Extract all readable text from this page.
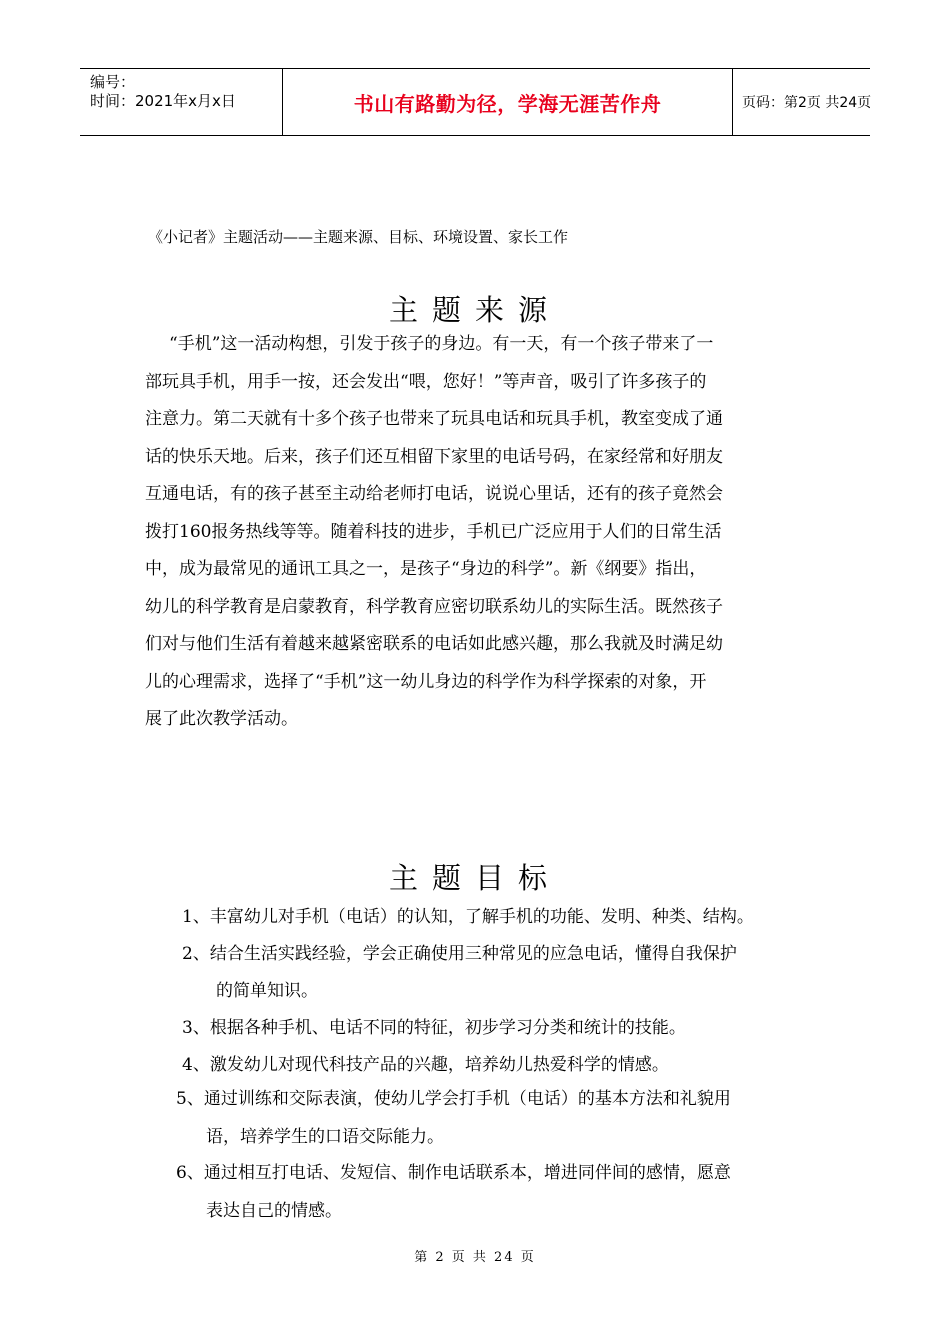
编号：
时间：2021年x月x日	书山有路勤为径，学海无涯苦作舟	页码：第2页 共24页
《小记者》主题活动——主题来源、目标、环境设置、家长工作
主题来源
“手机”这一活动构想，引发于孩子的身边。有一天，有一个孩子带来了一
部玩具手机，用手一按，还会发出“喂，您好！”等声音，吸引了许多孩子的
注意力。第二天就有十多个孩子也带来了玩具电话和玩具手机，教室变成了通
话的快乐天地。后来，孩子们还互相留下家里的电话号码，在家经常和好朋友
互通电话，有的孩子甚至主动给老师打电话，说说心里话，还有的孩子竟然会
拨打160报务热线等等。随着科技的进步，手机已广泛应用于人们的日常生活
中，成为最常见的通讯工具之一，是孩子“身边的科学”。新《纲要》指出，
幼儿的科学教育是启蒙教育，科学教育应密切联系幼儿的实际生活。既然孩子
们对与他们生活有着越来越紧密联系的电话如此感兴趣，那么我就及时满足幼
儿的心理需求，选择了“手机”这一幼儿身边的科学作为科学探索的对象，开
展了此次教学活动。
主题目标
1、丰富幼儿对手机（电话）的认知，了解手机的功能、发明、种类、结构。
2、结合生活实践经验，学会正确使用三种常见的应急电话，懂得自我保护
的简单知识。
3、根据各种手机、电话不同的特征，初步学习分类和统计的技能。
4、激发幼儿对现代科技产品的兴趣，培养幼儿热爱科学的情感。
5、通过训练和交际表演，使幼儿学会打手机（电话）的基本方法和礼貌用
语，培养学生的口语交际能力。
6、通过相互打电话、发短信、制作电话联系本，增进同伴间的感情，愿意
表达自己的情感。
第 2 页 共 24 页
